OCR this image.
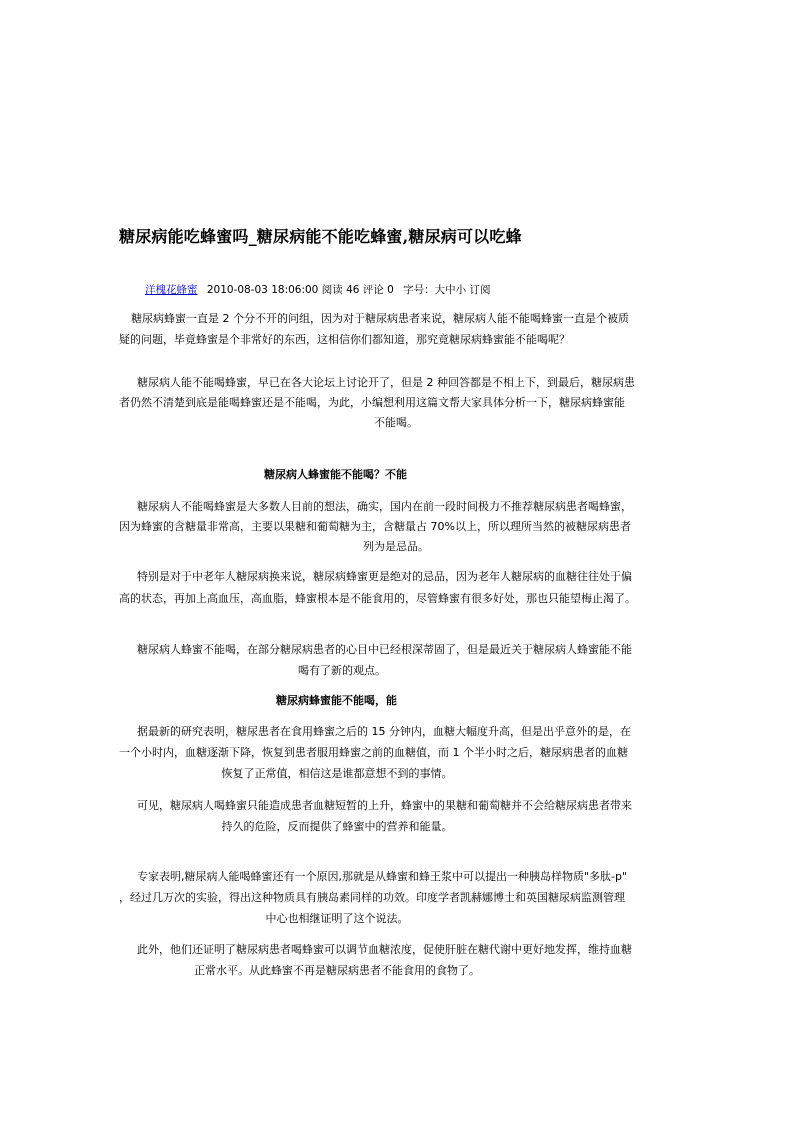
糖尿病能吃蜂蜜吗_糖尿病能不能吃蜂蜜,糖尿病可以吃蜂
洋槐花蜂蜜 2010-08-03 18:06:00 阅读 46 评论 0 字号：大中小 订阅
糖尿病蜂蜜一直是 2 个分不开的问组，因为对于糖尿病患者来说，糖尿病人能不能喝蜂蜜一直是个被质
疑的问题，毕竟蜂蜜是个非常好的东西，这相信你们都知道，那究竟糖尿病蜂蜜能不能喝呢？
糖尿病人能不能喝蜂蜜，早已在各大论坛上讨论开了，但是 2 种回答都是不相上下，到最后，糖尿病患
者仍然不清楚到底是能喝蜂蜜还是不能喝，为此，小编想利用这篇文帮大家具体分析一下，糖尿病蜂蜜能
不能喝。
糖尿病人蜂蜜能不能喝？不能
糖尿病人不能喝蜂蜜是大多数人目前的想法，确实，国内在前一段时间极力不推荐糖尿病患者喝蜂蜜，
因为蜂蜜的含糖量非常高，主要以果糖和葡萄糖为主，含糖量占 70%以上，所以理所当然的被糖尿病患者
列为是忌品。
特别是对于中老年人糖尿病换来说，糖尿病蜂蜜更是绝对的忌品，因为老年人糖尿病的血糖往往处于偏
高的状态，再加上高血压，高血脂，蜂蜜根本是不能食用的，尽管蜂蜜有很多好处，那也只能望梅止渴了。
糖尿病人蜂蜜不能喝，在部分糖尿病患者的心目中已经根深蒂固了，但是最近关于糖尿病人蜂蜜能不能
喝有了新的观点。
糖尿病蜂蜜能不能喝，能
据最新的研究表明，糖尿患者在食用蜂蜜之后的 15 分钟内，血糖大幅度升高，但是出乎意外的是，在
一个小时内，血糖逐渐下降，恢复到患者服用蜂蜜之前的血糖值，而 1 个半小时之后，糖尿病患者的血糖
恢复了正常值，相信这是谁都意想不到的事情。
可见，糖尿病人喝蜂蜜只能造成患者血糖短暂的上升，蜂蜜中的果糖和葡萄糖并不会给糖尿病患者带来
持久的危险，反而提供了蜂蜜中的营养和能量。
专家表明,糖尿病人能喝蜂蜜还有一个原因,那就是从蜂蜜和蜂王浆中可以提出一种胰岛样物质"多肽-p"
，经过几万次的实验，得出这种物质具有胰岛素同样的功效。印度学者凯赫娜博士和英国糖尿病监测管理
中心也相继证明了这个说法。
此外，他们还证明了糖尿病患者喝蜂蜜可以调节血糖浓度，促使肝脏在糖代谢中更好地发挥，维持血糖
正常水平。从此蜂蜜不再是糖尿病患者不能食用的食物了。
